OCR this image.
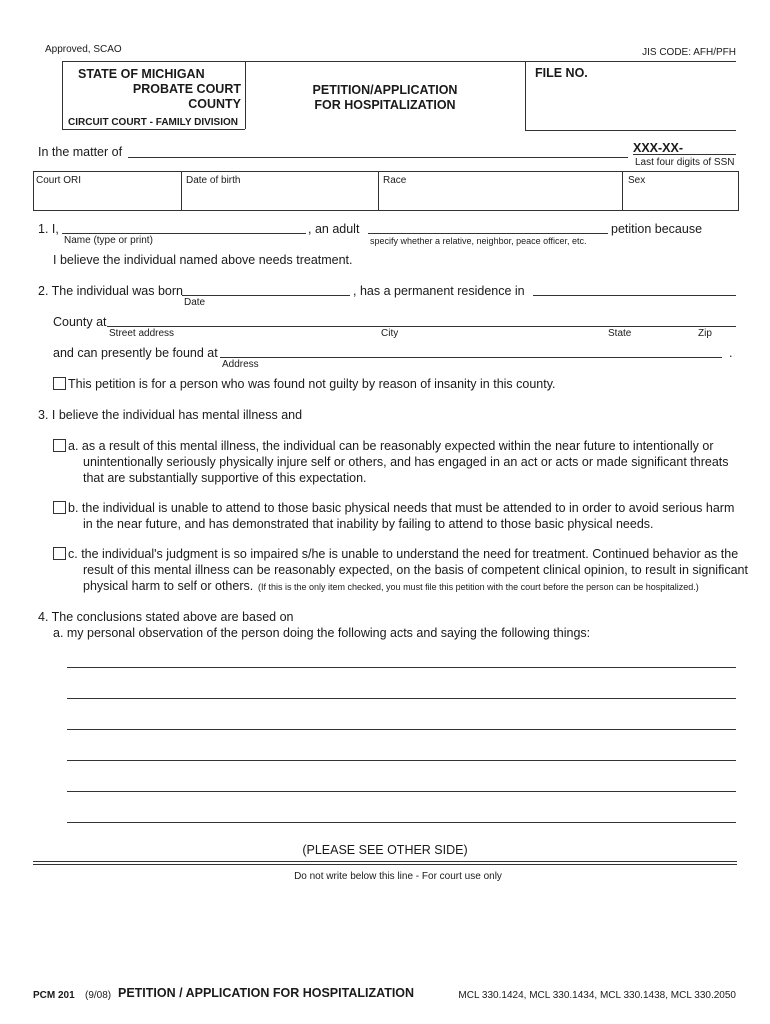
Approved, SCAO	JIS CODE: AFH/PFH
STATE OF MICHIGAN
PROBATE COURT
COUNTY
CIRCUIT COURT - FAMILY DIVISION
PETITION/APPLICATION
FOR HOSPITALIZATION
FILE NO.
In the matter of	XXX-XX-
Last four digits of SSN
Court ORI	Date of birth	Race	Sex
1. I,
Name (type or print)
, an adult
specify whether a relative, neighbor, peace officer, etc.
petition because
I believe the individual named above needs treatment.
2. The individual was born
Date
, has a permanent residence in
County at
Street address	City	State	Zip
and can presently be found at	.
Address
This petition is for a person who was found not guilty by reason of insanity in this county.
3. I believe the individual has mental illness and
a. as a result of this mental illness, the individual can be reasonably expected within the near future to intentionally or
unintentionally seriously physically injure self or others, and has engaged in an act or acts or made significant threats
that are substantially supportive of this expectation.
b. the individual is unable to attend to those basic physical needs that must be attended to in order to avoid serious harm
in the near future, and has demonstrated that inability by failing to attend to those basic physical needs.
c. the individual's judgment is so impaired s/he is unable to understand the need for treatment. Continued behavior as the
result of this mental illness can be reasonably expected, on the basis of competent clinical opinion, to result in significant
physical harm to self or others. (If this is the only item checked, you must file this petition with the court before the person can be hospitalized.)
4. The conclusions stated above are based on
a. my personal observation of the person doing the following acts and saying the following things:
(PLEASE SEE OTHER SIDE)
Do not write below this line - For court use only
PCM 201 (9/08) PETITION / APPLICATION FOR HOSPITALIZATION	MCL 330.1424, MCL 330.1434, MCL 330.1438, MCL 330.2050
